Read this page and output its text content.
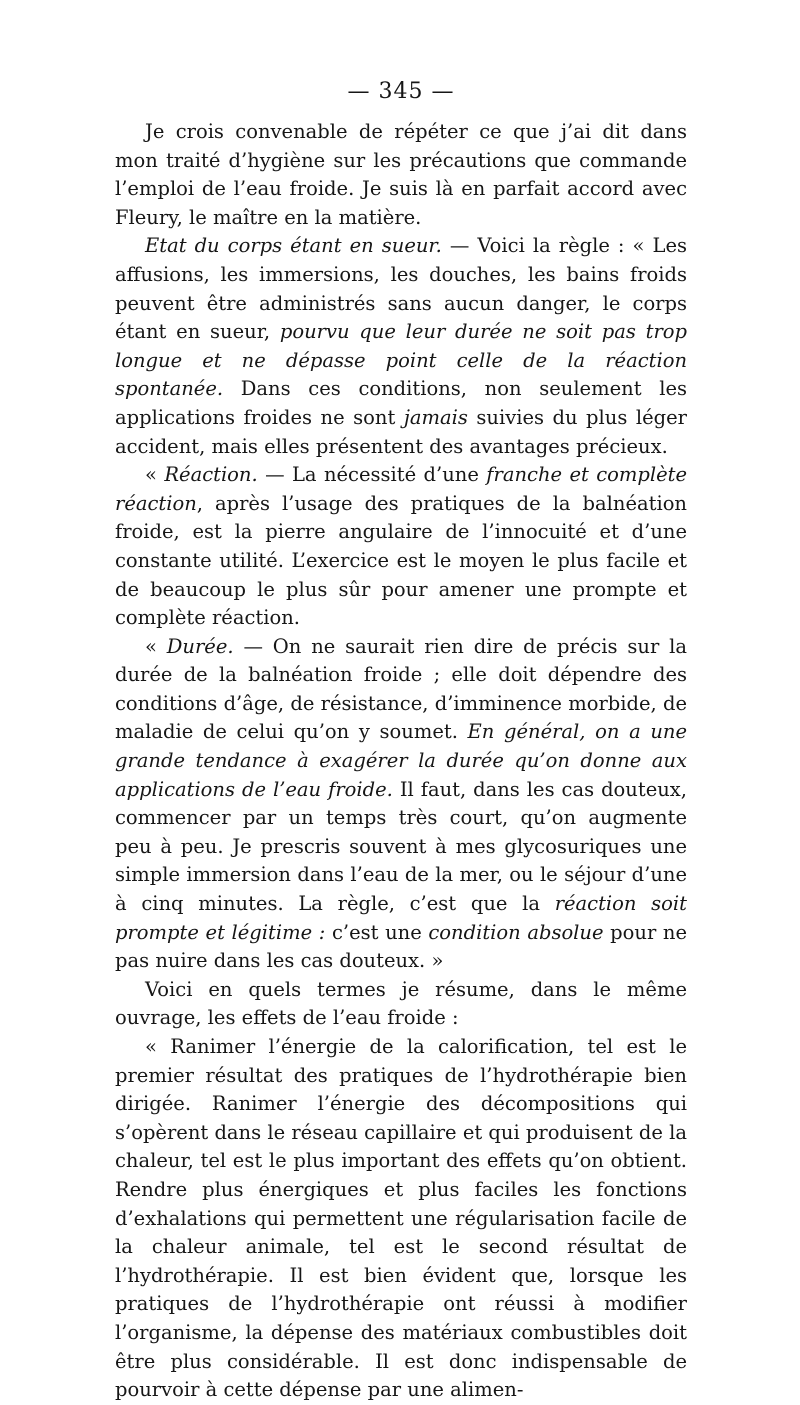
— 345 —

Je crois convenable de répéter ce que j’ai dit dans mon traité d’hygiène sur les précautions que commande l’emploi de l’eau froide. Je suis là en parfait accord avec Fleury, le maître en la matière.

Etat du corps étant en sueur. — Voici la règle : « Les affusions, les immersions, les douches, les bains froids peuvent être administrés sans aucun danger, le corps étant en sueur, pourvu que leur durée ne soit pas trop longue et ne dépasse point celle de la réaction spontanée. Dans ces conditions, non seulement les applications froides ne sont jamais suivies du plus léger accident, mais elles présentent des avantages précieux.

« Réaction. — La nécessité d’une franche et complète réaction, après l’usage des pratiques de la balnéation froide, est la pierre angulaire de l’innocuité et d’une constante utilité. L’exercice est le moyen le plus facile et de beaucoup le plus sûr pour amener une prompte et complète réaction.

« Durée. — On ne saurait rien dire de précis sur la durée de la balnéation froide ; elle doit dépendre des conditions d’âge, de résistance, d’imminence morbide, de maladie de celui qu’on y soumet. En général, on a une grande tendance à exagérer la durée qu’on donne aux applications de l’eau froide. Il faut, dans les cas douteux, commencer par un temps très court, qu’on augmente peu à peu. Je prescris souvent à mes glycosuriques une simple immersion dans l’eau de la mer, ou le séjour d’une à cinq minutes. La règle, c’est que la réaction soit prompte et légitime : c’est une condition absolue pour ne pas nuire dans les cas douteux. »

Voici en quels termes je résume, dans le même ouvrage, les effets de l’eau froide :

« Ranimer l’énergie de la calorification, tel est le premier résultat des pratiques de l’hydrothérapie bien dirigée. Ranimer l’énergie des décompositions qui s’opèrent dans le réseau capillaire et qui produisent de la chaleur, tel est le plus important des effets qu’on obtient. Rendre plus énergiques et plus faciles les fonctions d’exhalations qui permettent une régularisation facile de la chaleur animale, tel est le second résultat de l’hydrothérapie. Il est bien évident que, lorsque les pratiques de l’hydrothérapie ont réussi à modifier l’organisme, la dépense des matériaux combustibles doit être plus considérable. Il est donc indispensable de pourvoir à cette dépense par une alimen-
